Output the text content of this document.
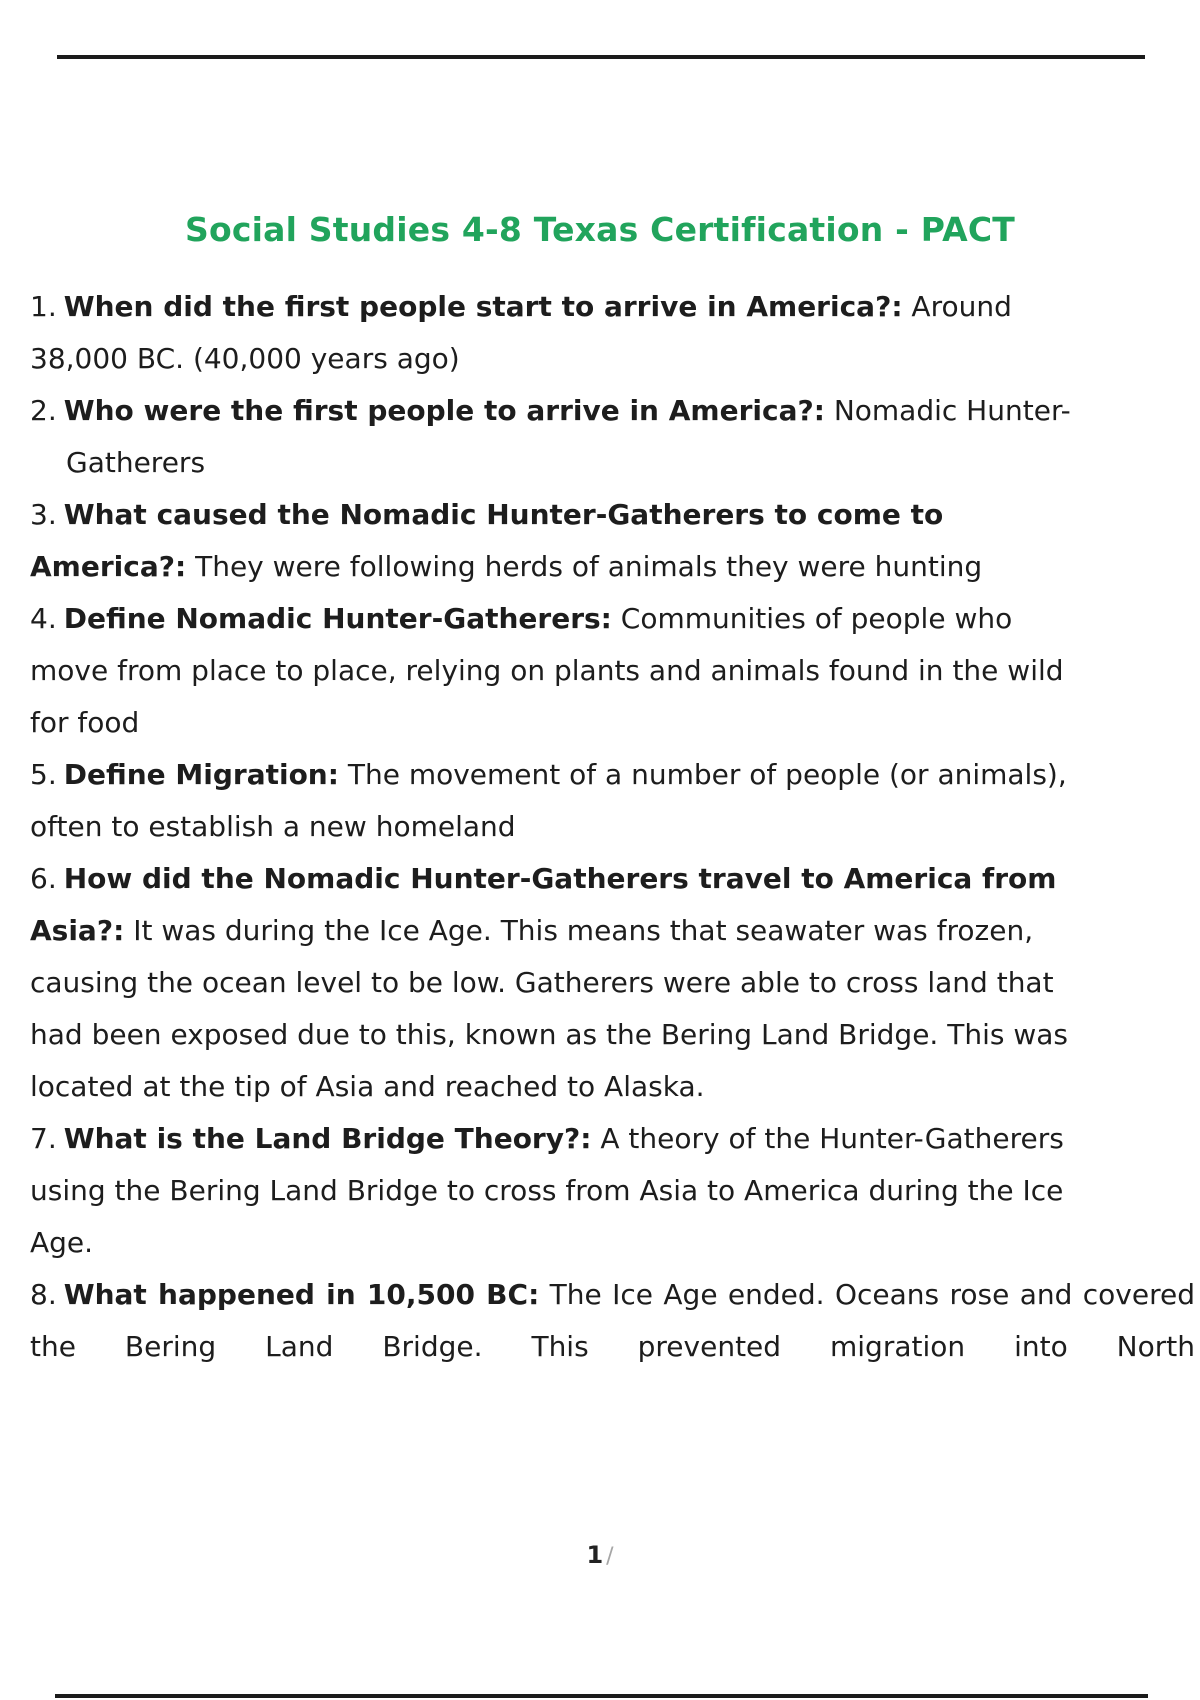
Social Studies 4-8 Texas Certification - PACT
1. When did the first people start to arrive in America?: Around 38,000 BC. (40,000 years ago)
2. Who were the first people to arrive in America?: Nomadic Hunter-Gatherers
3. What caused the Nomadic Hunter-Gatherers to come to America?: They were following herds of animals they were hunting
4. Define Nomadic Hunter-Gatherers: Communities of people who move from place to place, relying on plants and animals found in the wild for food
5. Define Migration: The movement of a number of people (or animals), often to establish a new homeland
6. How did the Nomadic Hunter-Gatherers travel to America from Asia?: It was during the Ice Age. This means that seawater was frozen, causing the ocean level to be low. Gatherers were able to cross land that had been exposed due to this, known as the Bering Land Bridge. This was located at the tip of Asia and reached to Alaska.
7. What is the Land Bridge Theory?: A theory of the Hunter-Gatherers using the Bering Land Bridge to cross from Asia to America during the Ice Age.
8. What happened in 10,500 BC: The Ice Age ended. Oceans rose and covered the Bering Land Bridge. This prevented migration into North
1 /
